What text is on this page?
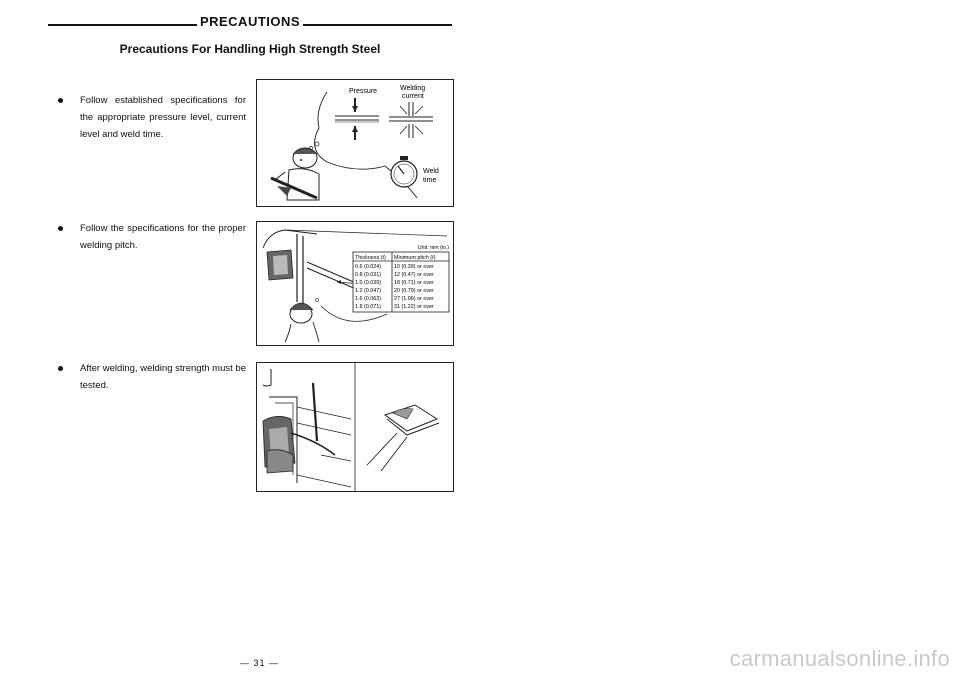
PRECAUTIONS
Precautions For Handling High Strength Steel
Follow established specifications for the appropriate pressure level, current level and weld time.
Follow the specifications for the proper welding pitch.
After welding, welding strength must be tested.
Pressure	Welding
current
Weld
time
Unit: mm (in.)
Thickness (t) Minimum pitch (ℓ)
0.6 (0.024) 10 (0.39) or over
0.8 (0.031) 12 (0.47) or over
1.0 (0.039) 18 (0.71) or over
1.2 (0.047) 20 (0.79) or over
1.6 (0.063) 27 (1.06) or over
1.8 (0.071) 31 (1.22) or over
— 31 —	carmanualsonline.info
